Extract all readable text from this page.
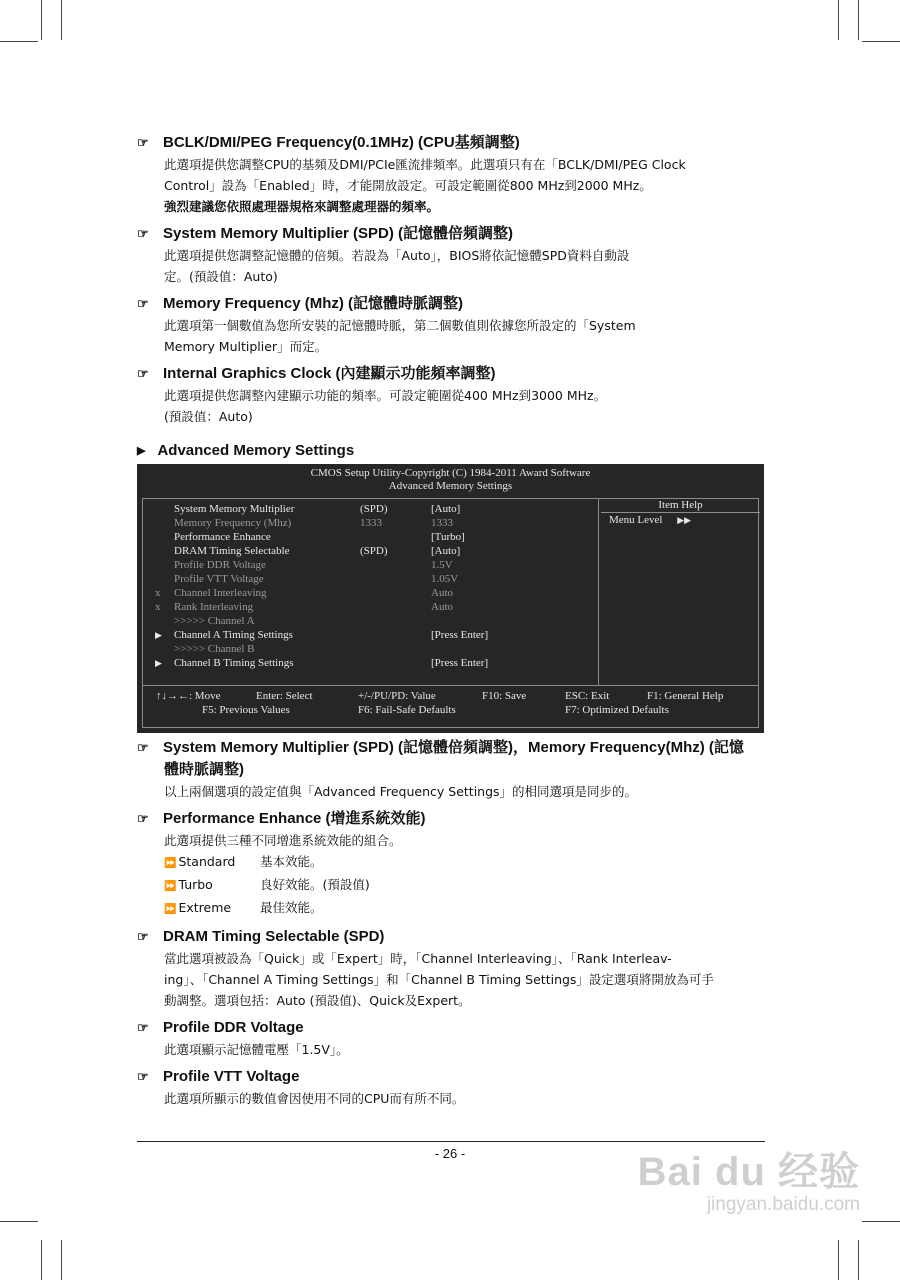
☞ BCLK/DMI/PEG Frequency(0.1MHz) (CPU基頻調整)

此選項提供您調整CPU的基頻及DMI/PCIe匯流排頻率。此選項只有在「BCLK/DMI/PEG Clock

Control」設為「Enabled」時，才能開放設定。可設定範圍從800 MHz到2000 MHz。

強烈建議您依照處理器規格來調整處理器的頻率。

☞ System Memory Multiplier (SPD) (記憶體倍頻調整)

此選項提供您調整記憶體的倍頻。若設為「Auto」，BIOS將依記憶體SPD資料自動設

定。(預設值：Auto)

☞ Memory Frequency (Mhz) (記憶體時脈調整)

此選項第一個數值為您所安裝的記憶體時脈，第二個數值則依據您所設定的「System

Memory Multiplier」而定。

☞ Internal Graphics Clock (內建顯示功能頻率調整)

此選項提供您調整內建顯示功能的頻率。可設定範圍從400 MHz到3000 MHz。

(預設值：Auto)

▶ Advanced Memory Settings
CMOS Setup Utility-Copyright (C) 1984-2011 Award Software
Advanced Memory Settings
System Memory Multiplier	(SPD)	[Auto]
Memory Frequency (Mhz)	1333	1333
Performance Enhance	[Turbo]
DRAM Timing Selectable	(SPD)	[Auto]
Profile DDR Voltage	1.5V
Profile VTT Voltage	1.05V
x Channel Interleaving	Auto
x Rank Interleaving	Auto
>>>>> Channel A
▶ Channel A Timing Settings	[Press Enter]
>>>>> Channel B
▶ Channel B Timing Settings	[Press Enter]
Item Help
Menu Level ▶▶
↑↓→←: Move	Enter: Select	+/-/PU/PD: Value	F10: Save	ESC: Exit	F1: General Help
F5: Previous Values	F6: Fail-Safe Defaults	F7: Optimized Defaults
☞ System Memory Multiplier (SPD) (記憶體倍頻調整)，Memory Frequency(Mhz) (記憶
體時脈調整)

以上兩個選項的設定值與「Advanced Frequency Settings」的相同選項是同步的。

☞ Performance Enhance (增進系統效能)

此選項提供三種不同增進系統效能的組合。

⏩ Standard	基本效能。
⏩ Turbo	良好效能。(預設值)
⏩ Extreme	最佳效能。
☞ DRAM Timing Selectable (SPD)

當此選項被設為「Quick」或「Expert」時，「Channel Interleaving」、「Rank Interleav-

ing」、「Channel A Timing Settings」和「Channel B Timing Settings」設定選項將開放為可手

動調整。選項包括：Auto (預設值)、Quick及Expert。

☞ Profile DDR Voltage

此選項顯示記憶體電壓「1.5V」。

☞ Profile VTT Voltage

此選項所顯示的數值會因使用不同的CPU而有所不同。

- 26 -	Bai du 经验
jingyan.baidu.com
